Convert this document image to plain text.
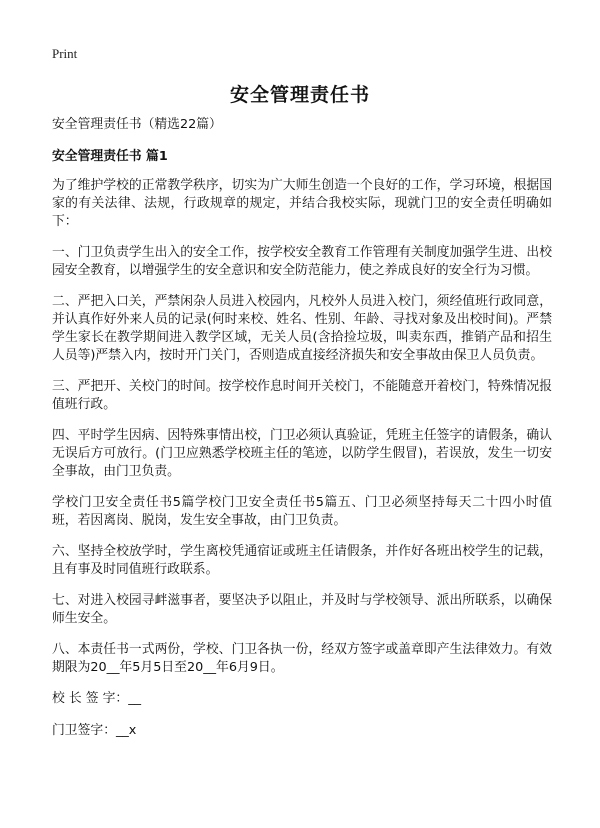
Print
安全管理责任书

安全管理责任书（精选22篇）

安全管理责任书 篇1

为了维护学校的正常教学秩序，切实为广大师生创造一个良好的工作，学习环境，根据国家的有关法律、法规，行政规章的规定，并结合我校实际，现就门卫的安全责任明确如下：

一、门卫负责学生出入的安全工作，按学校安全教育工作管理有关制度加强学生进、出校园安全教育，以增强学生的安全意识和安全防范能力，使之养成良好的安全行为习惯。

二、严把入口关，严禁闲杂人员进入校园内，凡校外人员进入校门，须经值班行政同意，并认真作好外来人员的记录(何时来校、姓名、性别、年龄、寻找对象及出校时间)。严禁学生家长在教学期间进入教学区域，无关人员(含拾捡垃圾，叫卖东西，推销产品和招生人员等)严禁入内，按时开门关门，否则造成直接经济损失和安全事故由保卫人员负责。

三、严把开、关校门的时间。按学校作息时间开关校门，不能随意开着校门，特殊情况报值班行政。

四、平时学生因病、因特殊事情出校，门卫必须认真验证，凭班主任签字的请假条，确认无误后方可放行。(门卫应熟悉学校班主任的笔迹，以防学生假冒)，若误放，发生一切安全事故，由门卫负责。

学校门卫安全责任书5篇学校门卫安全责任书5篇五、门卫必须坚持每天二十四小时值班，若因离岗、脱岗，发生安全事故，由门卫负责。

六、坚持全校放学时，学生离校凭通宿证或班主任请假条，并作好各班出校学生的记载，且有事及时同值班行政联系。

七、对进入校园寻衅滋事者，要坚决予以阻止，并及时与学校领导、派出所联系，以确保师生安全。

八、本责任书一式两份，学校、门卫各执一份，经双方签字或盖章即产生法律效力。有效期限为20__年5月5日至20__年6月9日。

校 长 签 字：__

门卫签字：__x
